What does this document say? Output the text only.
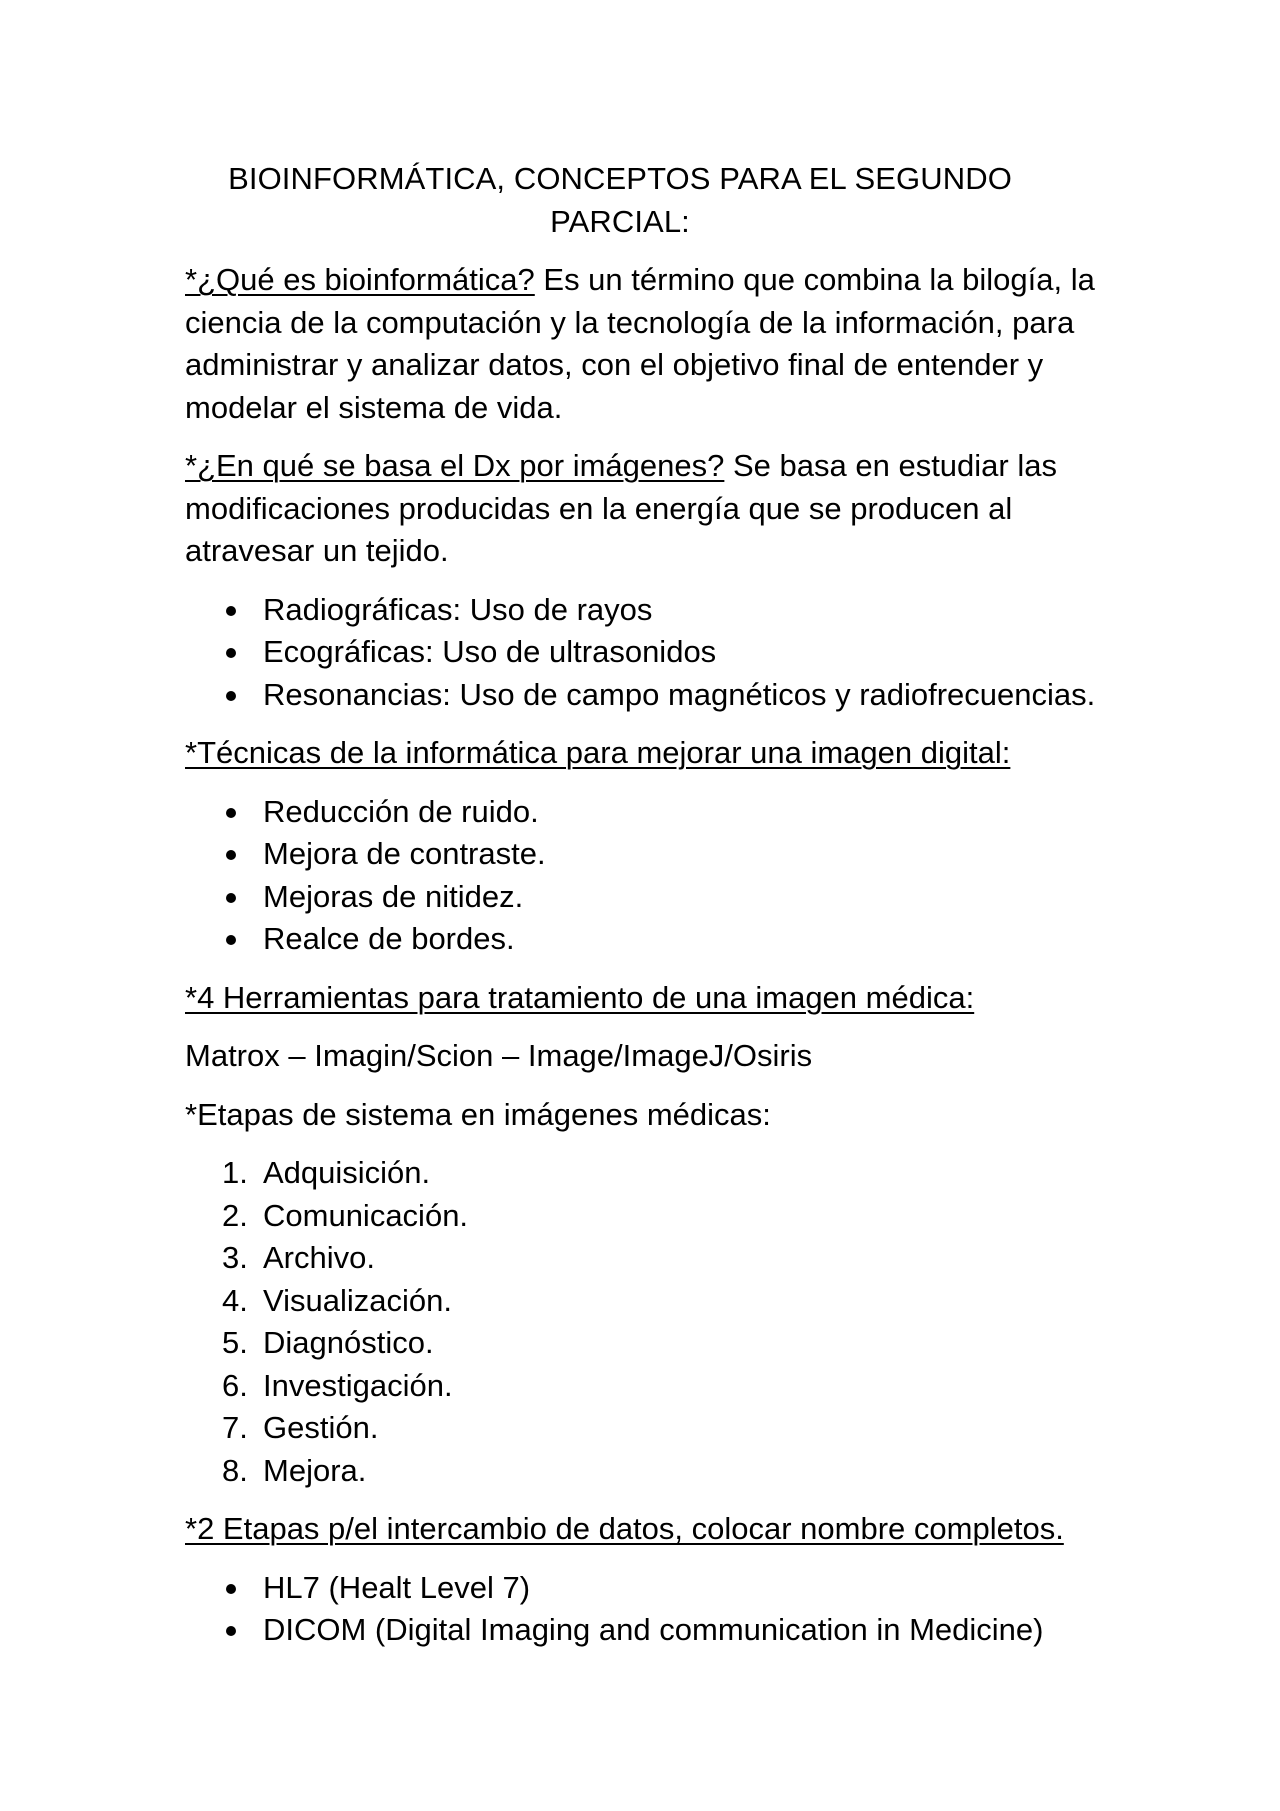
BIOINFORMÁTICA, CONCEPTOS PARA EL SEGUNDO PARCIAL:

*¿Qué es bioinformática? Es un término que combina la bilogía, la ciencia de la computación y la tecnología de la información, para administrar y analizar datos, con el objetivo final de entender y modelar el sistema de vida.

*¿En qué se basa el Dx por imágenes? Se basa en estudiar las modificaciones producidas en la energía que se producen al atravesar un tejido.

Radiográficas: Uso de rayos
Ecográficas: Uso de ultrasonidos
Resonancias: Uso de campo magnéticos y radiofrecuencias.

*Técnicas de la informática para mejorar una imagen digital:

Reducción de ruido.
Mejora de contraste.
Mejoras de nitidez.
Realce de bordes.

*4 Herramientas para tratamiento de una imagen médica:

Matrox – Imagin/Scion – Image/ImageJ/Osiris

*Etapas de sistema en imágenes médicas:

1. Adquisición.
2. Comunicación.
3. Archivo.
4. Visualización.
5. Diagnóstico.
6. Investigación.
7. Gestión.
8. Mejora.

*2 Etapas p/el intercambio de datos, colocar nombre completos.

HL7 (Healt Level 7)
DICOM (Digital Imaging and communication in Medicine)
